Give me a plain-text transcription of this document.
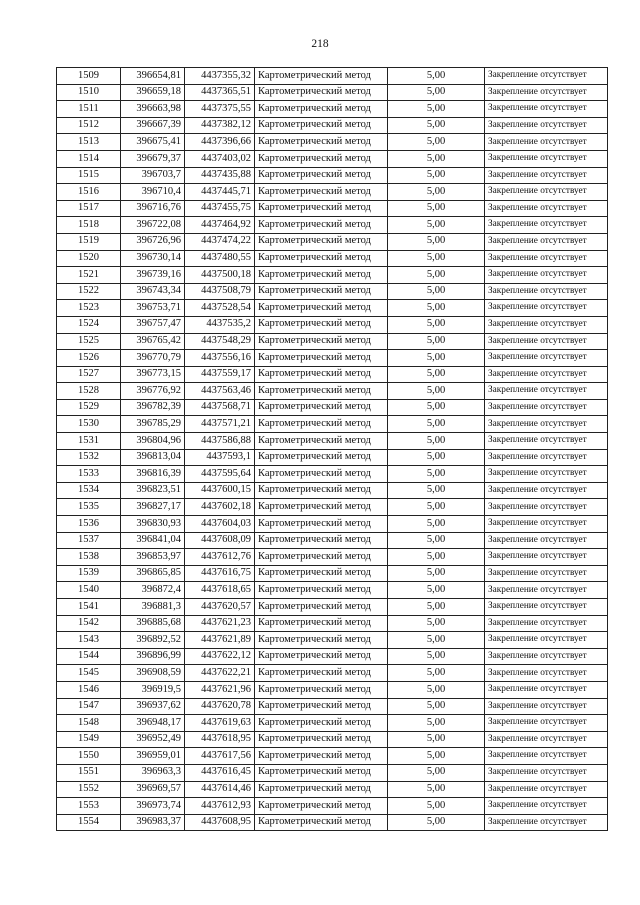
218
1509	396654,81	4437355,32	Картометрический метод	5,00	Закрепление отсутствует
1510	396659,18	4437365,51	Картометрический метод	5,00	Закрепление отсутствует
1511	396663,98	4437375,55	Картометрический метод	5,00	Закрепление отсутствует
1512	396667,39	4437382,12	Картометрический метод	5,00	Закрепление отсутствует
1513	396675,41	4437396,66	Картометрический метод	5,00	Закрепление отсутствует
1514	396679,37	4437403,02	Картометрический метод	5,00	Закрепление отсутствует
1515	396703,7	4437435,88	Картометрический метод	5,00	Закрепление отсутствует
1516	396710,4	4437445,71	Картометрический метод	5,00	Закрепление отсутствует
1517	396716,76	4437455,75	Картометрический метод	5,00	Закрепление отсутствует
1518	396722,08	4437464,92	Картометрический метод	5,00	Закрепление отсутствует
1519	396726,96	4437474,22	Картометрический метод	5,00	Закрепление отсутствует
1520	396730,14	4437480,55	Картометрический метод	5,00	Закрепление отсутствует
1521	396739,16	4437500,18	Картометрический метод	5,00	Закрепление отсутствует
1522	396743,34	4437508,79	Картометрический метод	5,00	Закрепление отсутствует
1523	396753,71	4437528,54	Картометрический метод	5,00	Закрепление отсутствует
1524	396757,47	4437535,2	Картометрический метод	5,00	Закрепление отсутствует
1525	396765,42	4437548,29	Картометрический метод	5,00	Закрепление отсутствует
1526	396770,79	4437556,16	Картометрический метод	5,00	Закрепление отсутствует
1527	396773,15	4437559,17	Картометрический метод	5,00	Закрепление отсутствует
1528	396776,92	4437563,46	Картометрический метод	5,00	Закрепление отсутствует
1529	396782,39	4437568,71	Картометрический метод	5,00	Закрепление отсутствует
1530	396785,29	4437571,21	Картометрический метод	5,00	Закрепление отсутствует
1531	396804,96	4437586,88	Картометрический метод	5,00	Закрепление отсутствует
1532	396813,04	4437593,1	Картометрический метод	5,00	Закрепление отсутствует
1533	396816,39	4437595,64	Картометрический метод	5,00	Закрепление отсутствует
1534	396823,51	4437600,15	Картометрический метод	5,00	Закрепление отсутствует
1535	396827,17	4437602,18	Картометрический метод	5,00	Закрепление отсутствует
1536	396830,93	4437604,03	Картометрический метод	5,00	Закрепление отсутствует
1537	396841,04	4437608,09	Картометрический метод	5,00	Закрепление отсутствует
1538	396853,97	4437612,76	Картометрический метод	5,00	Закрепление отсутствует
1539	396865,85	4437616,75	Картометрический метод	5,00	Закрепление отсутствует
1540	396872,4	4437618,65	Картометрический метод	5,00	Закрепление отсутствует
1541	396881,3	4437620,57	Картометрический метод	5,00	Закрепление отсутствует
1542	396885,68	4437621,23	Картометрический метод	5,00	Закрепление отсутствует
1543	396892,52	4437621,89	Картометрический метод	5,00	Закрепление отсутствует
1544	396896,99	4437622,12	Картометрический метод	5,00	Закрепление отсутствует
1545	396908,59	4437622,21	Картометрический метод	5,00	Закрепление отсутствует
1546	396919,5	4437621,96	Картометрический метод	5,00	Закрепление отсутствует
1547	396937,62	4437620,78	Картометрический метод	5,00	Закрепление отсутствует
1548	396948,17	4437619,63	Картометрический метод	5,00	Закрепление отсутствует
1549	396952,49	4437618,95	Картометрический метод	5,00	Закрепление отсутствует
1550	396959,01	4437617,56	Картометрический метод	5,00	Закрепление отсутствует
1551	396963,3	4437616,45	Картометрический метод	5,00	Закрепление отсутствует
1552	396969,57	4437614,46	Картометрический метод	5,00	Закрепление отсутствует
1553	396973,74	4437612,93	Картометрический метод	5,00	Закрепление отсутствует
1554	396983,37	4437608,95	Картометрический метод	5,00	Закрепление отсутствует
